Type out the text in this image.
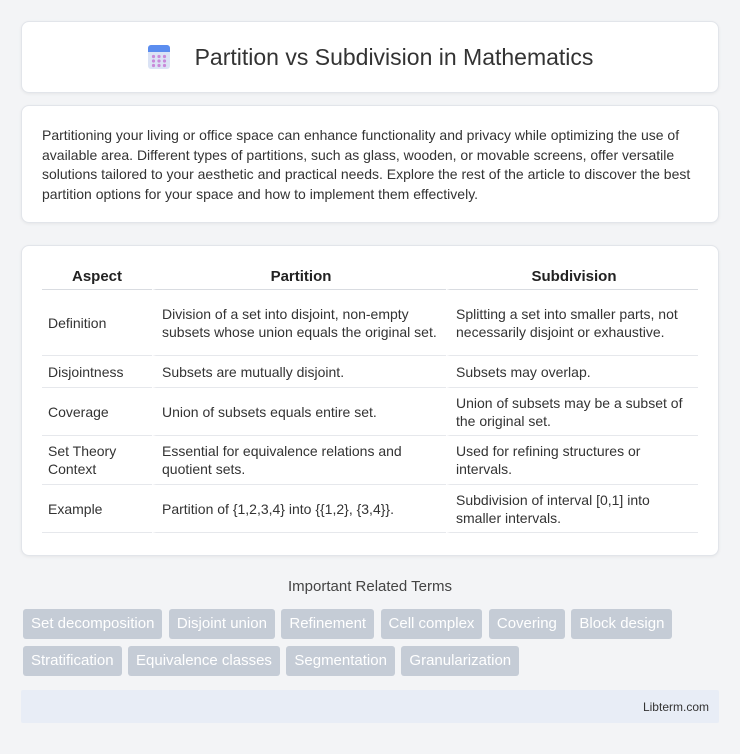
Partition vs Subdivision in Mathematics

Partitioning your living or office space can enhance functionality and privacy while optimizing the use of available area. Different types of partitions, such as glass, wooden, or movable screens, offer versatile solutions tailored to your aesthetic and practical needs. Explore the rest of the article to discover the best partition options for your space and how to implement them effectively.

Aspect	Partition	Subdivision
Definition	Division of a set into disjoint, non-empty subsets whose union equals the original set.	Splitting a set into smaller parts, not necessarily disjoint or exhaustive.
Disjointness	Subsets are mutually disjoint.	Subsets may overlap.
Coverage	Union of subsets equals entire set.	Union of subsets may be a subset of the original set.
Set Theory Context	Essential for equivalence relations and quotient sets.	Used for refining structures or intervals.
Example	Partition of {1,2,3,4} into {{1,2}, {3,4}}.	Subdivision of interval [0,1] into smaller intervals.
Important Related Terms
Set decomposition Disjoint union Refinement Cell complex Covering Block design Stratification Equivalence classes Segmentation Granularization
Libterm.com
